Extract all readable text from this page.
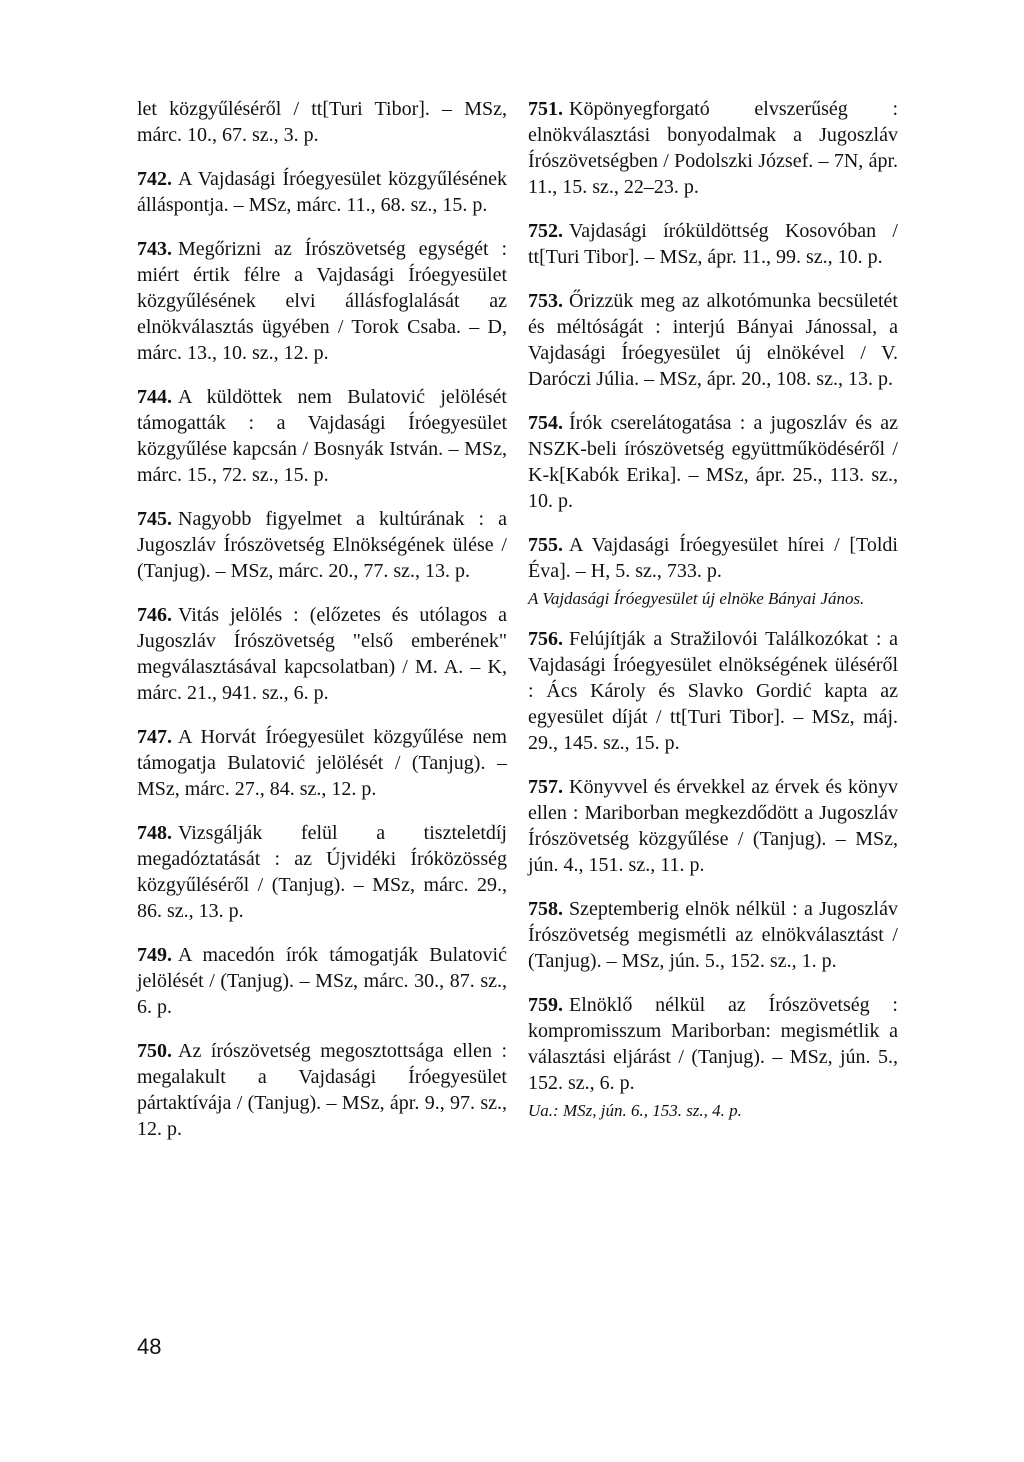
let közgyűléséről / tt[Turi Tibor]. – MSz, márc. 10., 67. sz., 3. p.

742. A Vajdasági Íróegyesület közgyűlésének álláspontja. – MSz, márc. 11., 68. sz., 15. p.

743. Megőrizni az Írószövetség egységét : miért értik félre a Vajdasági Íróegyesület közgyűlésének elvi állásfoglalását az elnökválasztás ügyében / Torok Csaba. – D, márc. 13., 10. sz., 12. p.

744. A küldöttek nem Bulatović jelölését támogatták : a Vajdasági Íróegyesület közgyűlése kapcsán / Bosnyák István. – MSz, márc. 15., 72. sz., 15. p.

745. Nagyobb figyelmet a kultúrának : a Jugoszláv Írószövetség Elnökségének ülése / (Tanjug). – MSz, márc. 20., 77. sz., 13. p.

746. Vitás jelölés : (előzetes és utólagos a Jugoszláv Írószövetség "első emberének" megválasztásával kapcsolatban) / M. A. – K, márc. 21., 941. sz., 6. p.

747. A Horvát Íróegyesület közgyűlése nem támogatja Bulatović jelölését / (Tanjug). – MSz, márc. 27., 84. sz., 12. p.

748. Vizsgálják felül a tiszteletdíj megadóztatását : az Újvidéki Íróközösség közgyűléséről / (Tanjug). – MSz, márc. 29., 86. sz., 13. p.

749. A macedón írók támogatják Bulatović jelölését / (Tanjug). – MSz, márc. 30., 87. sz., 6. p.

750. Az írószövetség megosztottsága ellen : megalakult a Vajdasági Íróegyesület pártaktívája / (Tanjug). – MSz, ápr. 9., 97. sz., 12. p.

751. Köpönyegforgató elvszerűség : elnökválasztási bonyodalmak a Jugoszláv Írószövetségben / Podolszki József. – 7N, ápr. 11., 15. sz., 22–23. p.

752. Vajdasági íróküldöttség Kosovóban / tt[Turi Tibor]. – MSz, ápr. 11., 99. sz., 10. p.

753. Őrizzük meg az alkotómunka becsületét és méltóságát : interjú Bányai Jánossal, a Vajdasági Íróegyesület új elnökével / V. Daróczi Júlia. – MSz, ápr. 20., 108. sz., 13. p.

754. Írók cserelátogatása : a jugoszláv és az NSZK-beli írószövetség együttműködéséről / K-k[Kabók Erika]. – MSz, ápr. 25., 113. sz., 10. p.

755. A Vajdasági Íróegyesület hírei / [Toldi Éva]. – H, 5. sz., 733. p.

A Vajdasági Íróegyesület új elnöke Bányai János.

756. Felújítják a Stražilovói Találkozókat : a Vajdasági Íróegyesület elnökségének üléséről : Ács Károly és Slavko Gordić kapta az egyesület díját / tt[Turi Tibor]. – MSz, máj. 29., 145. sz., 15. p.

757. Könyvvel és érvekkel az érvek és könyv ellen : Mariborban megkezdődött a Jugoszláv Írószövetség közgyűlése / (Tanjug). – MSz, jún. 4., 151. sz., 11. p.

758. Szeptemberig elnök nélkül : a Jugoszláv Írószövetség megismétli az elnökválasztást / (Tanjug). – MSz, jún. 5., 152. sz., 1. p.

759. Elnöklő nélkül az Írószövetség : kompromisszum Mariborban: megismétlik a választási eljárást / (Tanjug). – MSz, jún. 5., 152. sz., 6. p.

Ua.: MSz, jún. 6., 153. sz., 4. p.

48
